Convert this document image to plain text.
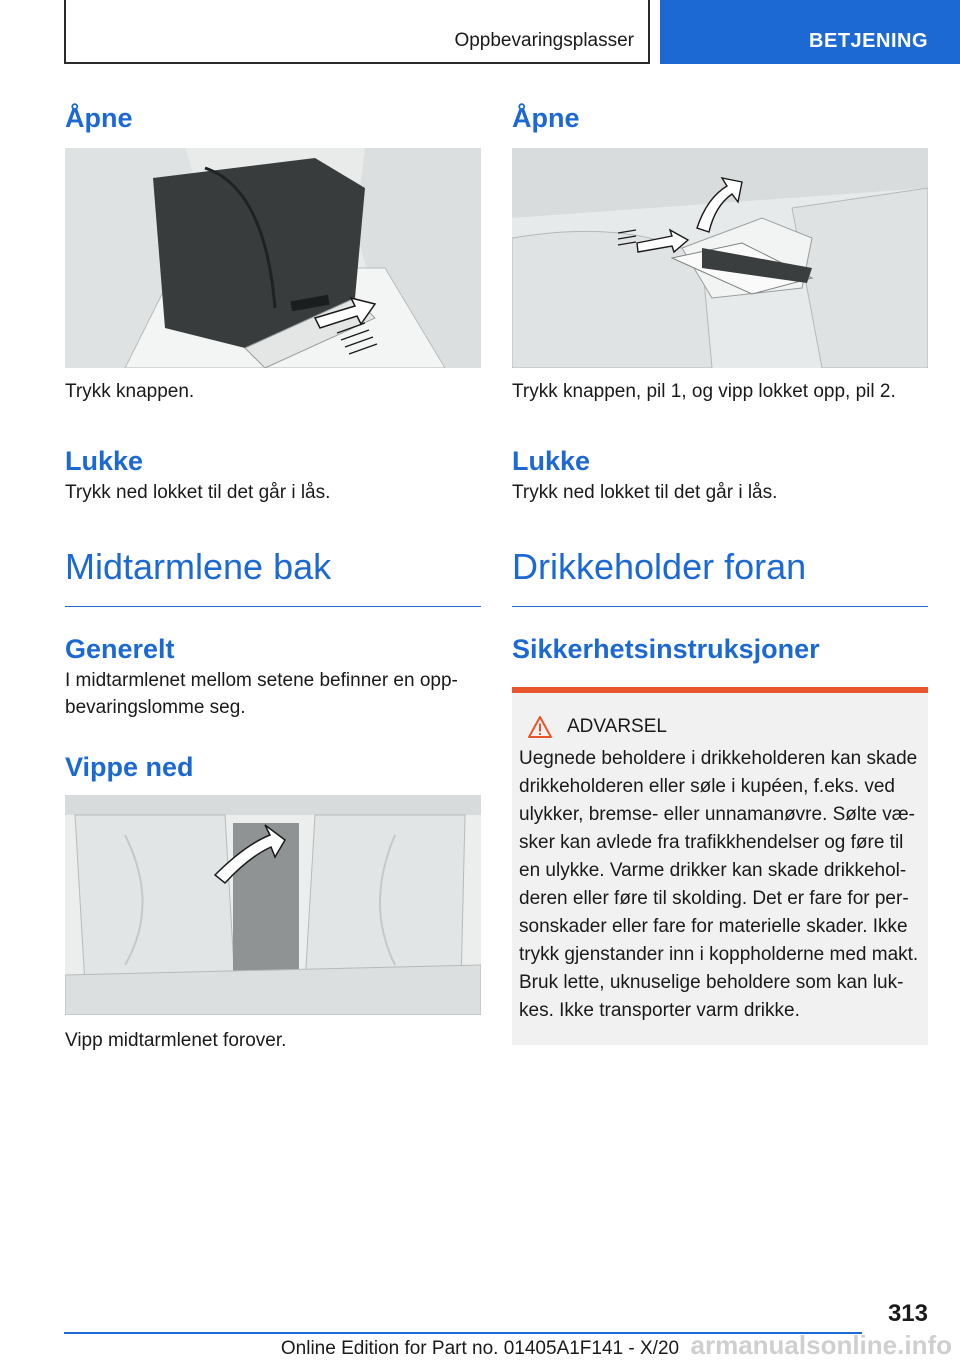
Oppbevaringsplasser	BETJENING
Åpne

Trykk knappen.

Lukke

Trykk ned lokket til det går i lås.

Midtarmlene bak
Generelt

I midtarmlenet mellom setene befinner en opp-bevaringslomme seg.

Vippe ned

Vipp midtarmlenet forover.

Åpne

Trykk knappen, pil 1, og vipp lokket opp, pil 2.

Lukke

Trykk ned lokket til det går i lås.

Drikkeholder foran
Sikkerhetsinstruksjoner
ADVARSEL

Uegnede beholdere i drikkeholderen kan skade drikkeholderen eller søle i kupéen, f.eks. ved ulykker, bremse- eller unnamanøvre. Sølte væ-sker kan avlede fra trafikkhendelser og føre til en ulykke. Varme drikker kan skade drikkehol-deren eller føre til skolding. Det er fare for per-sonskader eller fare for materielle skader. Ikke trykk gjenstander inn i koppholderne med makt. Bruk lette, uknuselige beholdere som kan luk-kes. Ikke transporter varm drikke.

313
Online Edition for Part no. 01405A1F141 - X/20 armanualsonline.info
